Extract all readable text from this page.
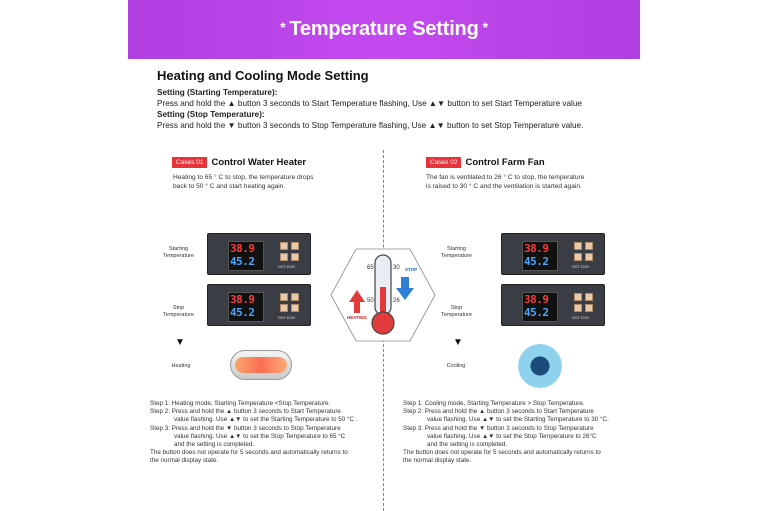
* Temperature Setting *
Heating and Cooling Mode Setting
Setting (Starting Temperature):
Press and hold the ▲ button 3 seconds to Start Temperature flashing, Use ▲▼ button to set Start Temperature value
Setting (Stop Temperature):
Press and hold the ▼ button 3 seconds to Stop Temperature flashing, Use ▲▼ button to set Stop Temperature value.
Cases 01 Control Water Heater
Heating to 65 ° C to stop, the temperature drops
back to 50 ° C and start heating again.
Starting
Temperature
38.9
45.2	DST1020
Stop
Temperature
38.9
45.2	DST1020
▼
Heating
Step 1: Heating mode, Starting Temperature <Stop Temperature.
Step 2: Press and hold the ▲ button 3 seconds to Start Temperature
value flashing. Use ▲▼ to set the Starting Temperature to 50 °C .
Step 3: Press and hold the ▼ button 3 seconds to Stop Temperature
value flashing. Use ▲▼ to set the Stop Temperature to 65 °C
and the setting is completed.
The button does not operate for 5 seconds and automatically returns to
the normal display state.
65
50
30
26
HEATING
STOP
Cases 02 Control Farm Fan
The fan is ventilated to 26 ° C to stop, the temperature
is raised to 30 ° C and the ventilation is started again.
Starting
Temperature
38.9
45.2	DST1020
Stop
Temperature
38.9
45.2	DST1020
▼
Cooling
Step 1: Cooling mode, Starting Temperature > Stop Temperature.
Step 2: Press and hold the ▲ button 3 seconds to Start Temperature
value flashing. Use ▲▼ to set the Starting Temperature to 30 °C.
Step 3: Press and hold the ▼ button 3 seconds to Stop Temperature
value flashing. Use ▲▼ to set the Stop Temperature to 26°C
and the setting is completed.
The button does not operate for 5 seconds and automatically returns to
the normal display state.
